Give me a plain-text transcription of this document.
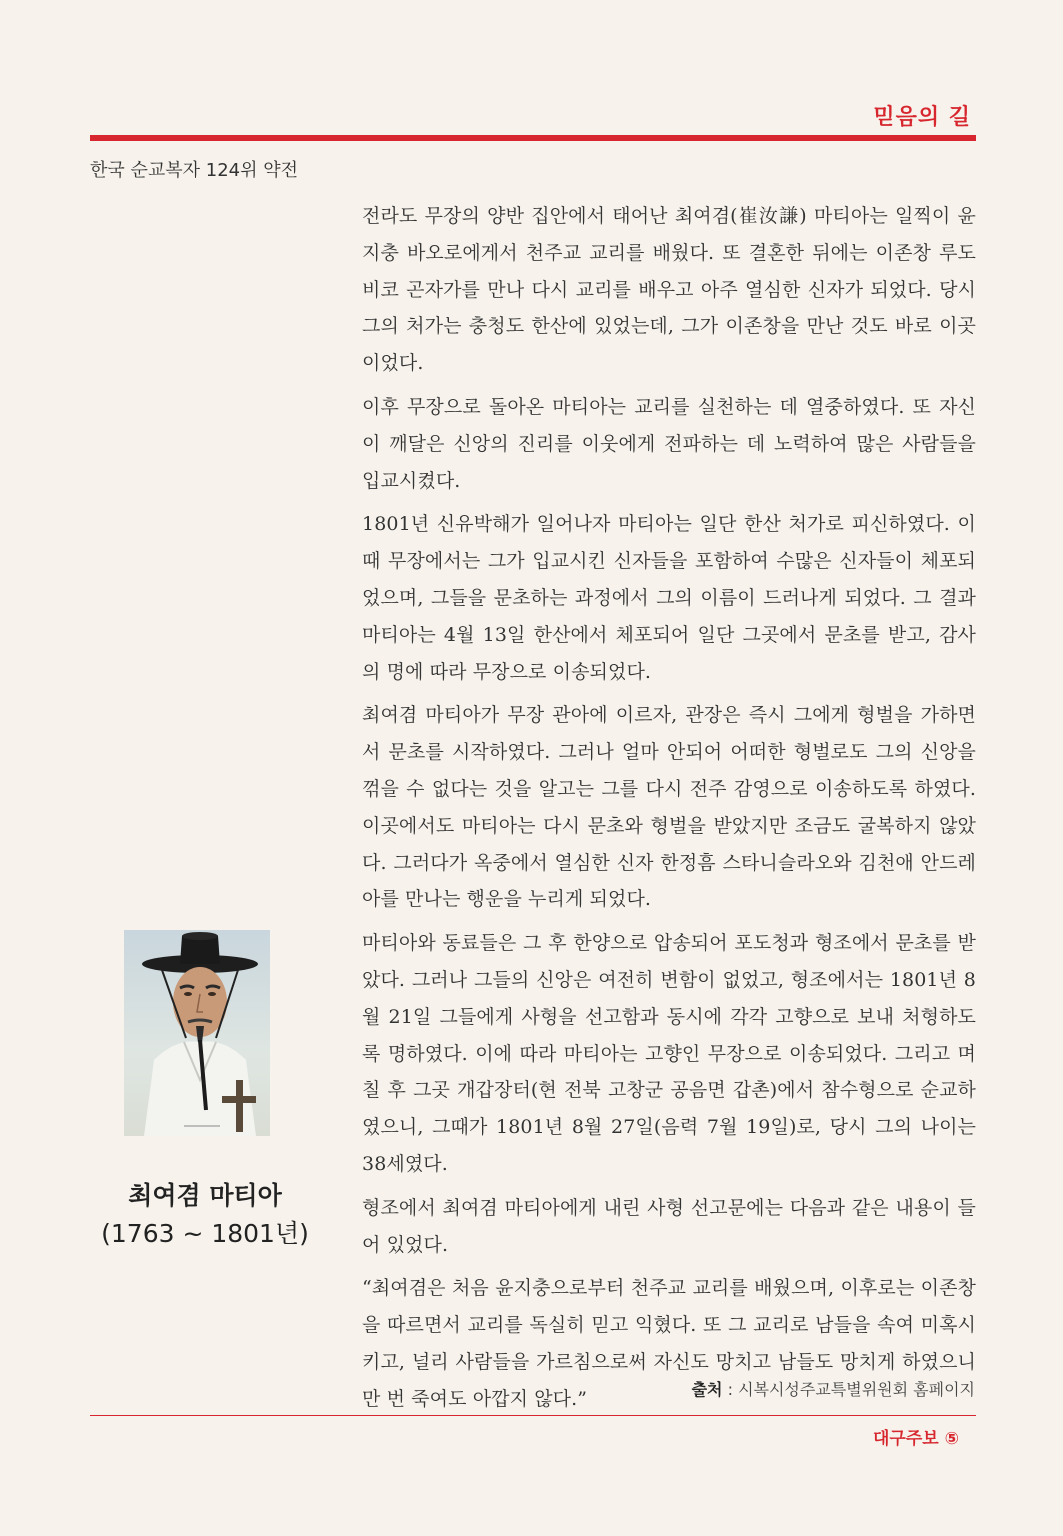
믿음의 길
한국 순교복자 124위 약전

전라도 무장의 양반 집안에서 태어난 최여겸(崔汝謙) 마티아는 일찍이 윤지충 바오로에게서 천주교 교리를 배웠다. 또 결혼한 뒤에는 이존창 루도비코 곤자가를 만나 다시 교리를 배우고 아주 열심한 신자가 되었다. 당시 그의 처가는 충청도 한산에 있었는데, 그가 이존창을 만난 것도 바로 이곳이었다.

이후 무장으로 돌아온 마티아는 교리를 실천하는 데 열중하였다. 또 자신이 깨달은 신앙의 진리를 이웃에게 전파하는 데 노력하여 많은 사람들을 입교시켰다.

1801년 신유박해가 일어나자 마티아는 일단 한산 처가로 피신하였다. 이때 무장에서는 그가 입교시킨 신자들을 포함하여 수많은 신자들이 체포되었으며, 그들을 문초하는 과정에서 그의 이름이 드러나게 되었다. 그 결과 마티아는 4월 13일 한산에서 체포되어 일단 그곳에서 문초를 받고, 감사의 명에 따라 무장으로 이송되었다.

최여겸 마티아가 무장 관아에 이르자, 관장은 즉시 그에게 형벌을 가하면서 문초를 시작하였다. 그러나 얼마 안되어 어떠한 형벌로도 그의 신앙을 꺾을 수 없다는 것을 알고는 그를 다시 전주 감영으로 이송하도록 하였다. 이곳에서도 마티아는 다시 문초와 형벌을 받았지만 조금도 굴복하지 않았다. 그러다가 옥중에서 열심한 신자 한정흠 스타니슬라오와 김천애 안드레아를 만나는 행운을 누리게 되었다.

마티아와 동료들은 그 후 한양으로 압송되어 포도청과 형조에서 문초를 받았다. 그러나 그들의 신앙은 여전히 변함이 없었고, 형조에서는 1801년 8월 21일 그들에게 사형을 선고함과 동시에 각각 고향으로 보내 처형하도록 명하였다. 이에 따라 마티아는 고향인 무장으로 이송되었다. 그리고 며칠 후 그곳 개갑장터(현 전북 고창군 공음면 갑촌)에서 참수형으로 순교하였으니, 그때가 1801년 8월 27일(음력 7월 19일)로, 당시 그의 나이는 38세였다.

형조에서 최여겸 마티아에게 내린 사형 선고문에는 다음과 같은 내용이 들어 있었다.

“최여겸은 처음 윤지충으로부터 천주교 교리를 배웠으며, 이후로는 이존창을 따르면서 교리를 독실히 믿고 익혔다. 또 그 교리로 남들을 속여 미혹시키고, 널리 사람들을 가르침으로써 자신도 망치고 남들도 망치게 하였으니 만 번 죽여도 아깝지 않다.”	출처 : 시복시성주교특별위원회 홈페이지
대구주보 ⑤
최여겸 마티아
(1763 ~ 1801년)
